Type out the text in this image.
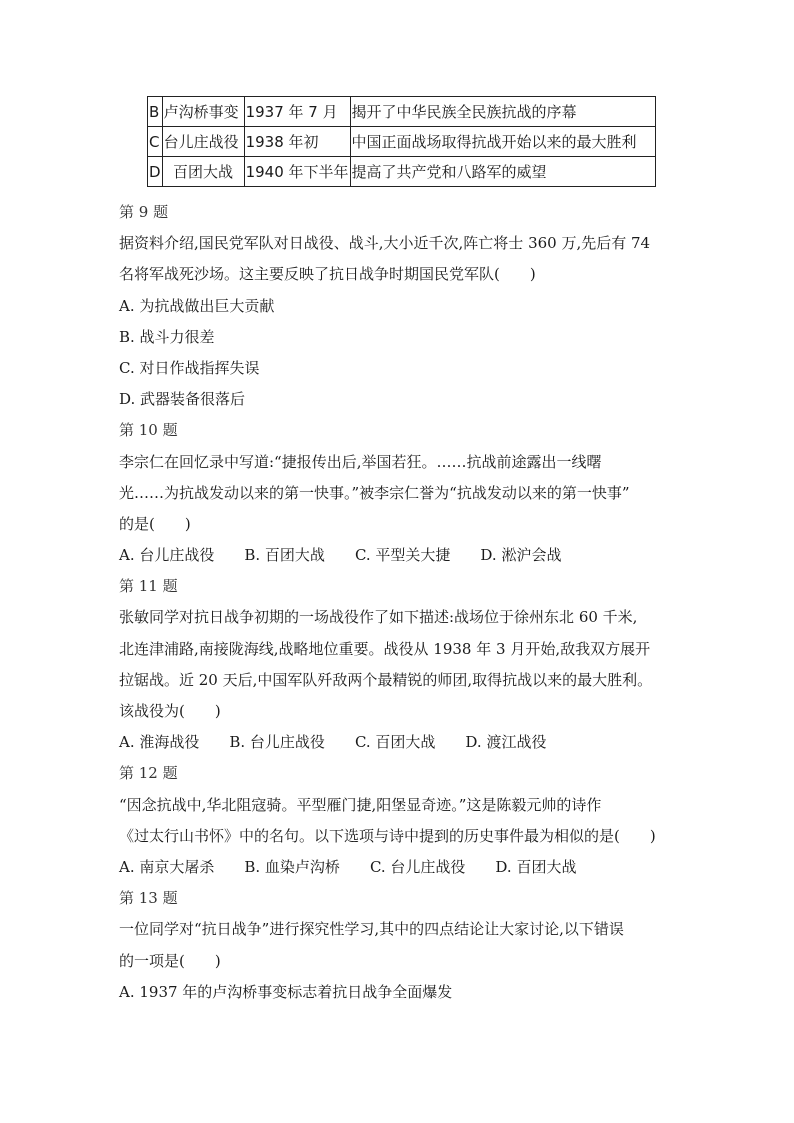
B	卢沟桥事变	1937 年 7 月	揭开了中华民族全民族抗战的序幕
C	台儿庄战役	1938 年初	中国正面战场取得抗战开始以来的最大胜利
D	百团大战	1940 年下半年	提高了共产党和八路军的威望
第 9 题
据资料介绍,国民党军队对日战役、战斗,大小近千次,阵亡将士 360 万,先后有 74
名将军战死沙场。这主要反映了抗日战争时期国民党军队(　　)
A. 为抗战做出巨大贡献
B. 战斗力很差
C. 对日作战指挥失误
D. 武器装备很落后
第 10 题
李宗仁在回忆录中写道:“捷报传出后,举国若狂。……抗战前途露出一线曙
光……为抗战发动以来的第一快事。”被李宗仁誉为“抗战发动以来的第一快事”
的是(　　)
A. 台儿庄战役 B. 百团大战 C. 平型关大捷 D. 淞沪会战
第 11 题
张敏同学对抗日战争初期的一场战役作了如下描述:战场位于徐州东北 60 千米,
北连津浦路,南接陇海线,战略地位重要。战役从 1938 年 3 月开始,敌我双方展开
拉锯战。近 20 天后,中国军队歼敌两个最精锐的师团,取得抗战以来的最大胜利。
该战役为(　　)
A. 淮海战役 B. 台儿庄战役 C. 百团大战 D. 渡江战役
第 12 题
“因念抗战中,华北阻寇骑。平型雁门捷,阳堡显奇迹。”这是陈毅元帅的诗作
《过太行山书怀》中的名句。以下选项与诗中提到的历史事件最为相似的是(　　)
A. 南京大屠杀 B. 血染卢沟桥 C. 台儿庄战役 D. 百团大战
第 13 题
一位同学对“抗日战争”进行探究性学习,其中的四点结论让大家讨论,以下错误
的一项是(　　)
A. 1937 年的卢沟桥事变标志着抗日战争全面爆发
